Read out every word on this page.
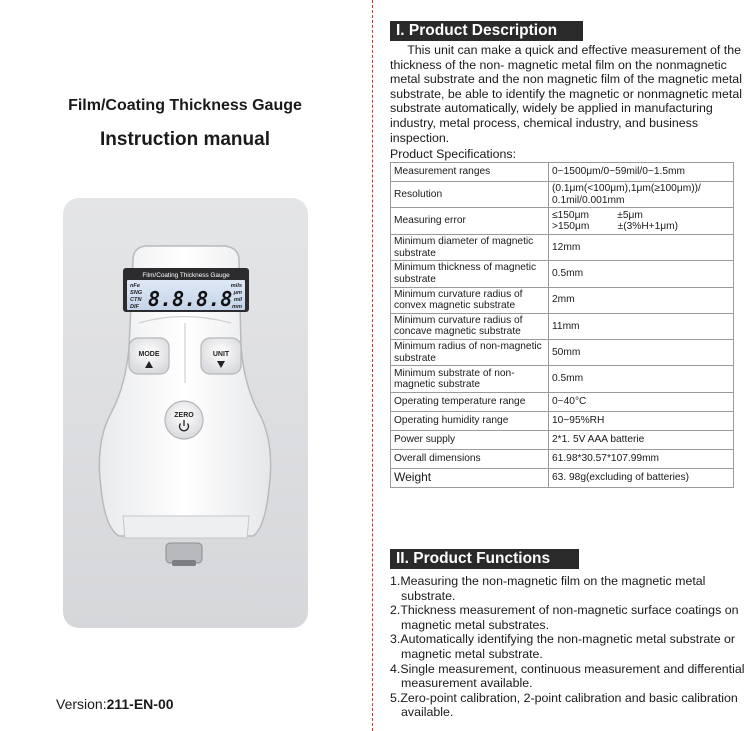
Film/Coating Thickness Gauge
Instruction manual
Film/Coating Thickness Gauge
nFe
SNG
CTN
DIF 8.8.8.8
mils
μm
mil
mm
MODE	UNIT
ZERO
Version:211-EN-00
I. Product Description

This unit can make a quick and effective measurement of the thickness of the non- magnetic metal film on the nonmagnetic metal substrate and the non magnetic film of the magnetic metal substrate, be able to identify the magnetic or nonmagnetic metal substrate automatically, widely be applied in manufacturing industry, metal process, chemical industry, and business inspection.

Product Specifications:
Measurement ranges	0~1500μm/0~59mil/0~1.5mm
Resolution	(0.1μm(<100μm),1μm(≥100μm))/ 0.1mil/0.001mm
Measuring error	≤150μm          ±5μm
>150μm          ±(3%H+1μm)
Minimum diameter of magnetic substrate	12mm
Minimum thickness of magnetic substrate	0.5mm
Minimum curvature radius of convex magnetic substrate	2mm
Minimum curvature radius of concave magnetic substrate	11mm
Minimum radius of non-magnetic substrate	50mm
Minimum substrate of non-magnetic substrate	0.5mm
Operating temperature range	0~40°C
Operating humidity range	10~95%RH
Power supply	2*1. 5V AAA batterie
Overall dimensions	61.98*30.57*107.99mm
Weight	63. 98g(excluding of batteries)
II. Product Functions
1.Measuring the non-magnetic film on the magnetic metal substrate.
2.Thickness measurement of non-magnetic surface coatings on magnetic metal substrates.
3.Automatically identifying the non-magnetic metal substrate or magnetic metal substrate.
4.Single measurement, continuous measurement and differential measurement available.
5.Zero-point calibration, 2-point calibration and basic calibration available.
